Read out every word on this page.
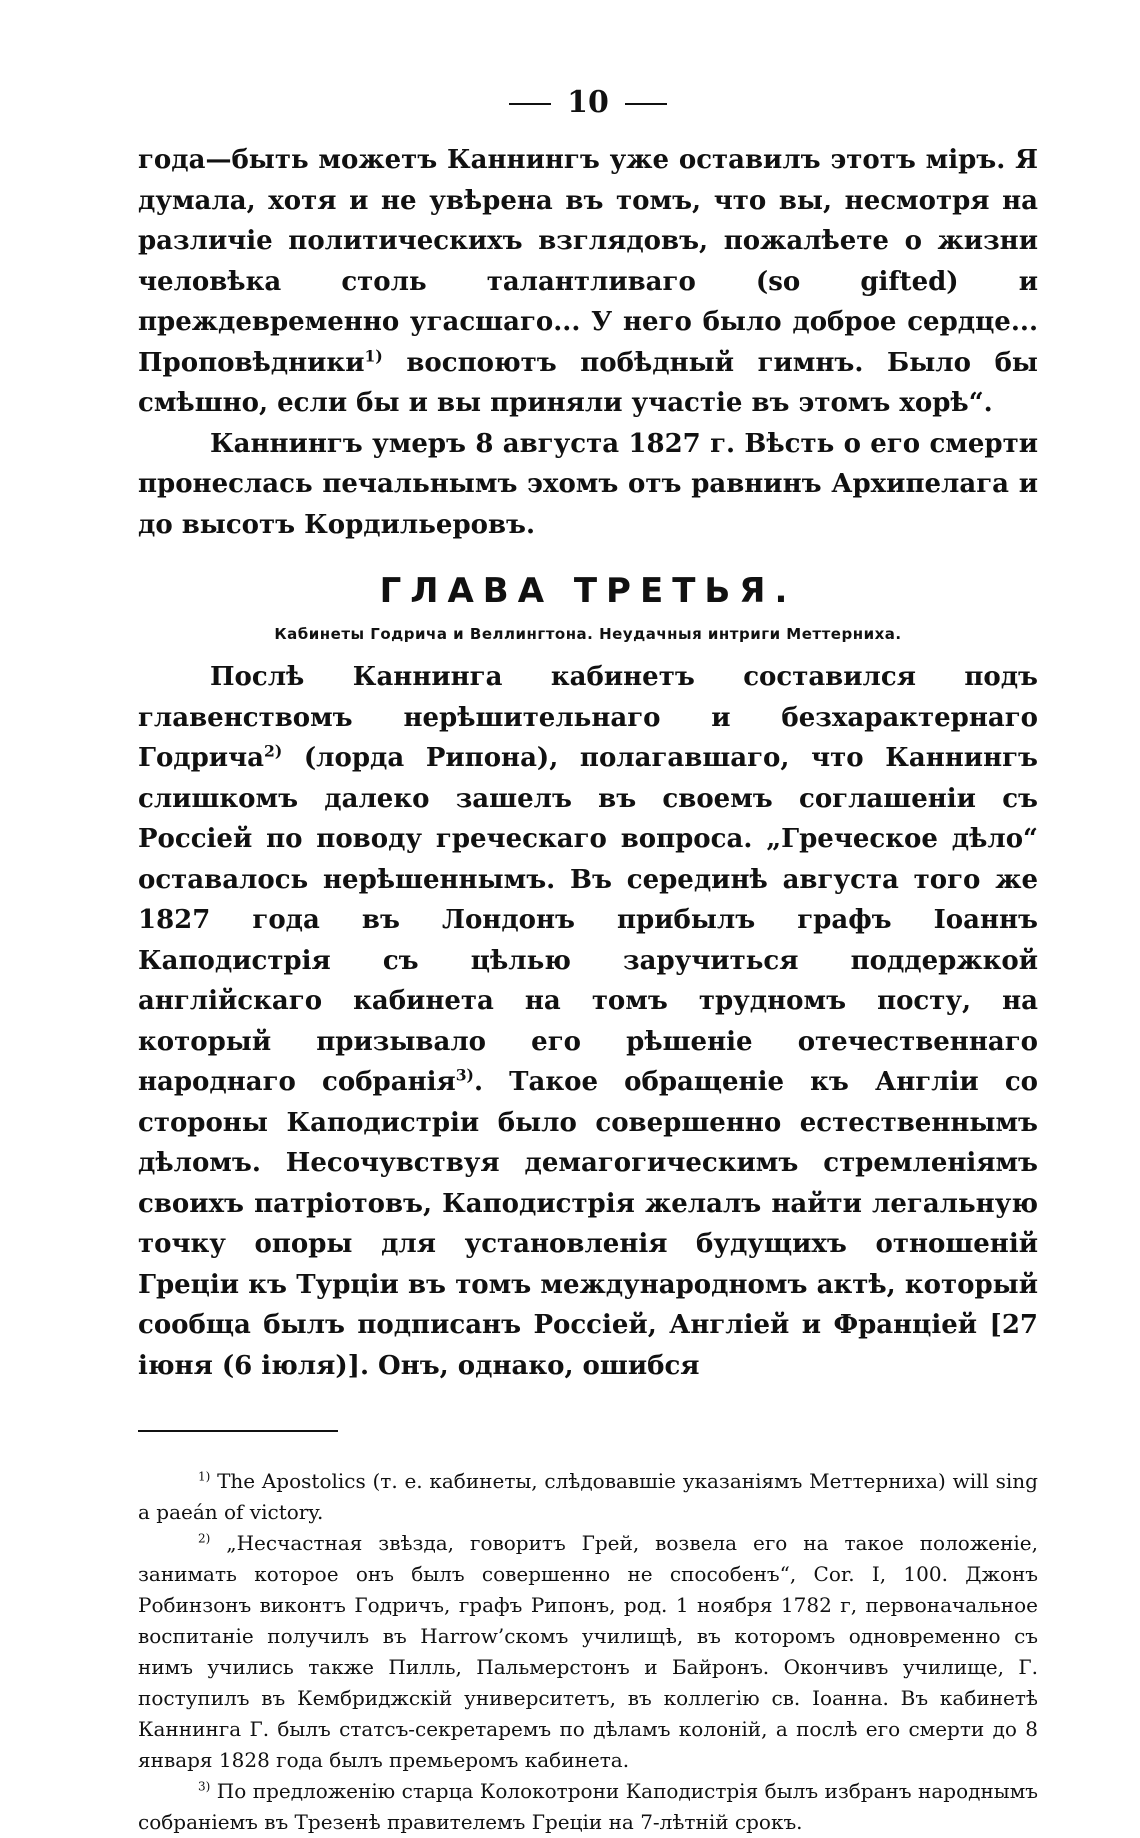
10

года—быть можетъ Каннингъ уже оставилъ этотъ міръ. Я думала, хотя и не увѣрена въ томъ, что вы, несмотря на различіе политическихъ взглядовъ, пожалѣете о жизни человѣка столь талантливаго (so gifted) и преждевременно угасшаго... У него было доброе сердце... Проповѣдники$^{1)}$ воспоютъ побѣдный гимнъ. Было бы смѣшно, если бы и вы приняли участіе въ этомъ хорѣ“.

Каннингъ умеръ 8 августа 1827 г. Вѣсть о его смерти пронеслась печальнымъ эхомъ отъ равнинъ Архипелага и до высотъ Кордильеровъ.

ГЛАВА ТРЕТЬЯ.
Кабинеты Годрича и Веллингтона. Неудачныя интриги Меттерниха.

Послѣ Каннинга кабинетъ составился подъ главенствомъ нерѣшительнаго и безхарактернаго Годрича$^{2)}$ (лорда Рипона), полагавшаго, что Каннингъ слишкомъ далеко зашелъ въ своемъ соглашеніи съ Россіей по поводу греческаго вопроса. „Греческое дѣло“ оставалось нерѣшеннымъ. Въ серединѣ августа того же 1827 года въ Лондонъ прибылъ графъ Іоаннъ Каподистрія съ цѣлью заручиться поддержкой англійскаго кабинета на томъ трудномъ посту, на который призывало его рѣшеніе отечественнаго народнаго собранія$^{3)}$. Такое обращеніе къ Англіи со стороны Каподистріи было совершенно естественнымъ дѣломъ. Несочувствуя демагогическимъ стремленіямъ своихъ патріотовъ, Каподистрія желалъ найти легальную точку опоры для установленія будущихъ отношеній Греціи къ Турціи въ томъ международномъ актѣ, который сообща былъ подписанъ Россіей, Англіей и Франціей [27 іюня (6 іюля)]. Онъ, однако, ошибся

$^{1)}$ The Apostolics (т. е. кабинеты, слѣдовавшіе указаніямъ Меттерниха) will sing a paeán of victory.

$^{2)}$ „Несчастная звѣзда, говоритъ Грей, возвела его на такое положеніе, занимать которое онъ былъ совершенно не способенъ“, Cor. I, 100. Джонъ Робинзонъ виконтъ Годричъ, графъ Рипонъ, род. 1 ноября 1782 г, первоначальное воспитаніе получилъ въ Harrow’скомъ училищѣ, въ которомъ одновременно съ нимъ учились также Пилль, Пальмерстонъ и Байронъ. Окончивъ училище, Г. поступилъ въ Кембриджскій университетъ, въ коллегію св. Іоанна. Въ кабинетѣ Каннинга Г. былъ статсъ-секретаремъ по дѣламъ колоній, а послѣ его смерти до 8 января 1828 года былъ премьеромъ кабинета.

$^{3)}$ По предложенію старца Колокотрони Каподистрія былъ избранъ народнымъ собраніемъ въ Трезенѣ правителемъ Греціи на 7-лѣтній срокъ.
